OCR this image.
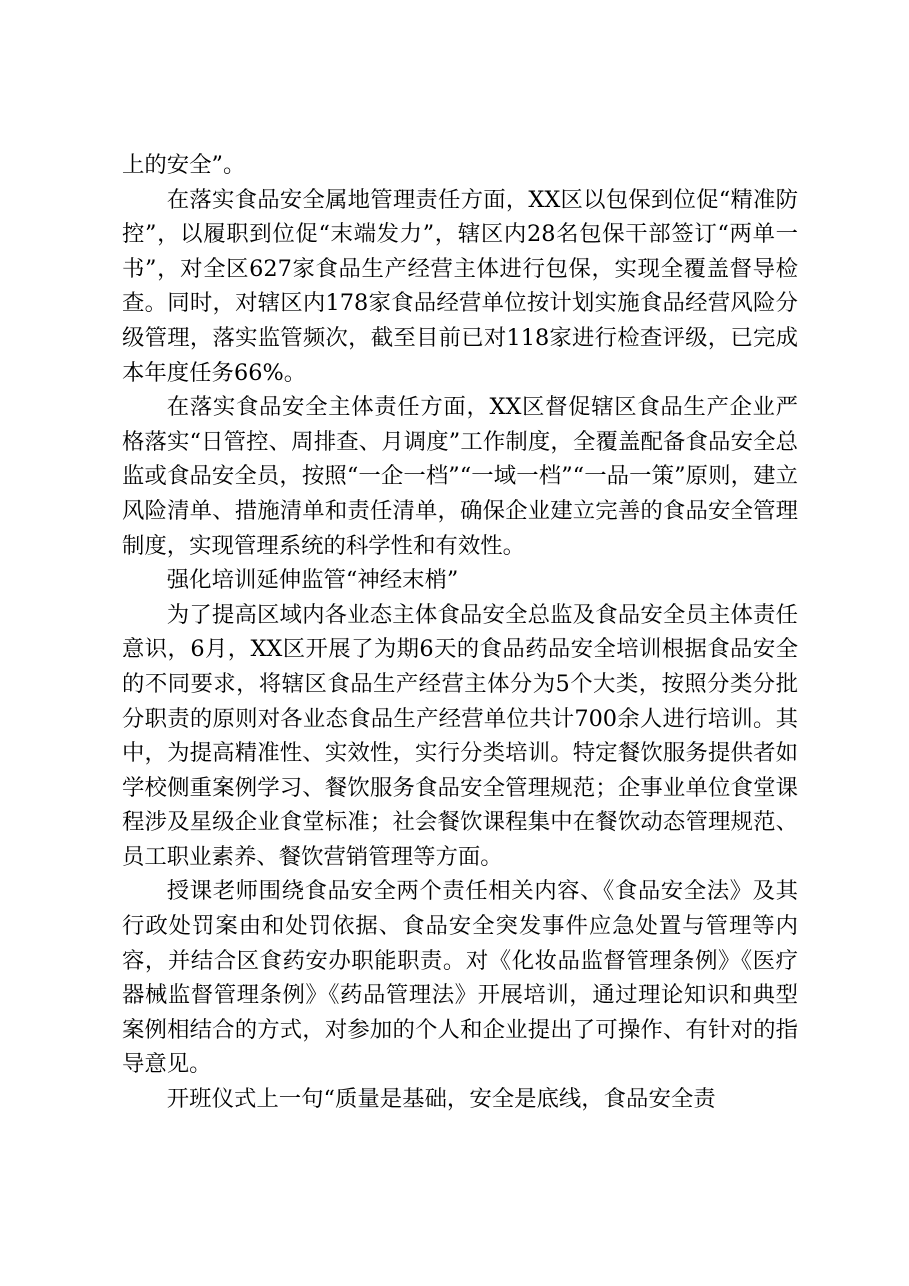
上的安全”。

在落实食品安全属地管理责任方面，XX区以包保到位促“精准防控”，以履职到位促“末端发力”，辖区内28名包保干部签订“两单一书”，对全区627家食品生产经营主体进行包保，实现全覆盖督导检查。同时，对辖区内178家食品经营单位按计划实施食品经营风险分级管理，落实监管频次，截至目前已对118家进行检查评级，已完成本年度任务66%。

在落实食品安全主体责任方面，XX区督促辖区食品生产企业严格落实“日管控、周排查、月调度”工作制度，全覆盖配备食品安全总监或食品安全员，按照“一企一档”“一域一档”“一品一策”原则，建立风险清单、措施清单和责任清单，确保企业建立完善的食品安全管理制度，实现管理系统的科学性和有效性。

强化培训延伸监管“神经末梢”

为了提高区域内各业态主体食品安全总监及食品安全员主体责任意识，6月，XX区开展了为期6天的食品药品安全培训根据食品安全的不同要求，将辖区食品生产经营主体分为5个大类，按照分类分批分职责的原则对各业态食品生产经营单位共计700余人进行培训。其中，为提高精准性、实效性，实行分类培训。特定餐饮服务提供者如学校侧重案例学习、餐饮服务食品安全管理规范；企事业单位食堂课程涉及星级企业食堂标准；社会餐饮课程集中在餐饮动态管理规范、员工职业素养、餐饮营销管理等方面。

授课老师围绕食品安全两个责任相关内容、《食品安全法》及其行政处罚案由和处罚依据、食品安全突发事件应急处置与管理等内容，并结合区食药安办职能职责。对《化妆品监督管理条例》《医疗器械监督管理条例》《药品管理法》开展培训，通过理论知识和典型案例相结合的方式，对参加的个人和企业提出了可操作、有针对的指导意见。

开班仪式上一句“质量是基础，安全是底线，食品安全责
